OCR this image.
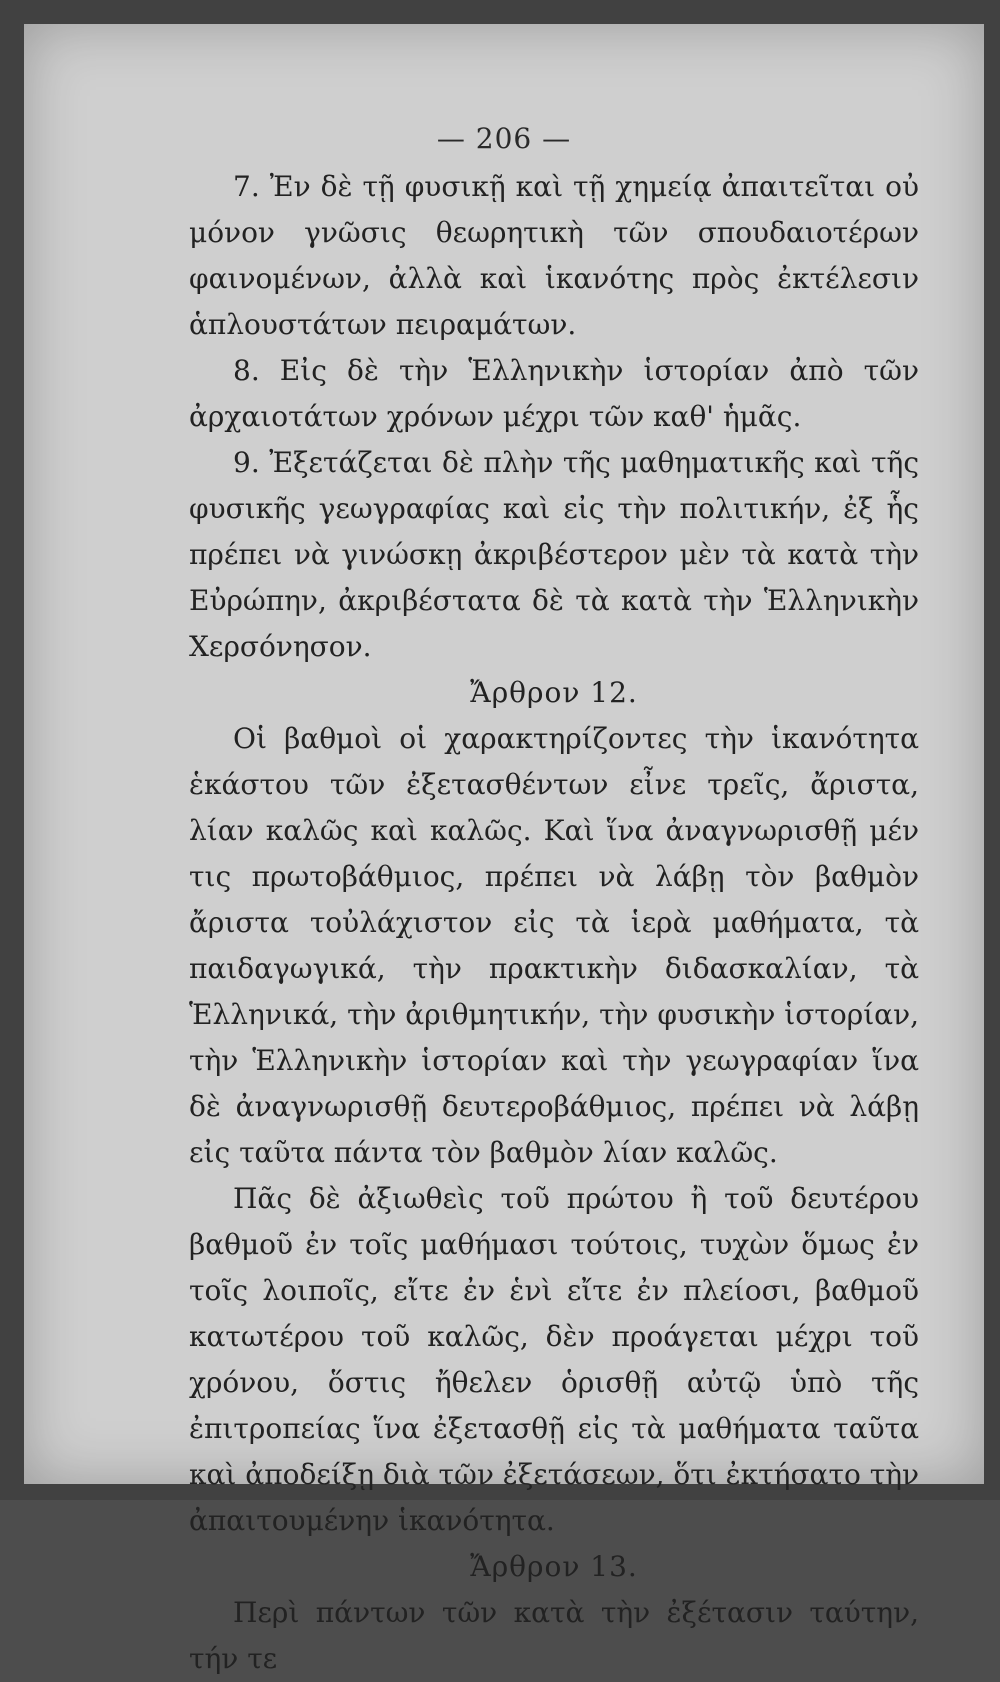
— 206 —

7. Ἐν δὲ τῇ φυσικῇ καὶ τῇ χημείᾳ ἀπαιτεῖται οὐ μόνον γνῶσις θεωρητικὴ τῶν σπουδαιοτέρων φαινομένων, ἀλλὰ καὶ ἱκανότης πρὸς ἐκτέλεσιν ἁπλουστάτων πειραμάτων.

8. Εἰς δὲ τὴν Ἑλληνικὴν ἱστορίαν ἀπὸ τῶν ἀρχαιοτάτων χρόνων μέχρι τῶν καθ' ἡμᾶς.

9. Ἐξετάζεται δὲ πλὴν τῆς μαθηματικῆς καὶ τῆς φυσικῆς γεωγραφίας καὶ εἰς τὴν πολιτικήν, ἐξ ἧς πρέπει νὰ γινώσκῃ ἀκριβέστερον μὲν τὰ κατὰ τὴν Εὐρώπην, ἀκριβέστατα δὲ τὰ κατὰ τὴν Ἑλληνικὴν Χερσόνησον.

Ἄρθρον 12.

Οἱ βαθμοὶ οἱ χαρακτηρίζοντες τὴν ἱκανότητα ἑκάστου τῶν ἐξετασθέντων εἶνε τρεῖς, ἄριστα, λίαν καλῶς καὶ καλῶς. Καὶ ἵνα ἀναγνωρισθῇ μέν τις πρωτοβάθμιος, πρέπει νὰ λάβῃ τὸν βαθμὸν ἄριστα τοὐλάχιστον εἰς τὰ ἱερὰ μαθήματα, τὰ παιδαγωγικά, τὴν πρακτικὴν διδασκαλίαν, τὰ Ἑλληνικά, τὴν ἀριθμητικήν, τὴν φυσικὴν ἱστορίαν, τὴν Ἑλληνικὴν ἱστορίαν καὶ τὴν γεωγραφίαν ἵνα δὲ ἀναγνωρισθῇ δευτεροβάθμιος, πρέπει νὰ λάβῃ εἰς ταῦτα πάντα τὸν βαθμὸν λίαν καλῶς.

Πᾶς δὲ ἀξιωθεὶς τοῦ πρώτου ἢ τοῦ δευτέρου βαθμοῦ ἐν τοῖς μαθήμασι τούτοις, τυχὼν ὅμως ἐν τοῖς λοιποῖς, εἴτε ἐν ἑνὶ εἴτε ἐν πλείοσι, βαθμοῦ κατωτέρου τοῦ καλῶς, δὲν προάγεται μέχρι τοῦ χρόνου, ὅστις ἤθελεν ὁρισθῇ αὐτῷ ὑπὸ τῆς ἐπιτροπείας ἵνα ἐξετασθῇ εἰς τὰ μαθήματα ταῦτα καὶ ἀποδείξῃ διὰ τῶν ἐξετάσεων, ὅτι ἐκτήσατο τὴν ἀπαιτουμένην ἱκανότητα.

Ἄρθρον 13.

Περὶ πάντων τῶν κατὰ τὴν ἐξέτασιν ταύτην, τήν τε
